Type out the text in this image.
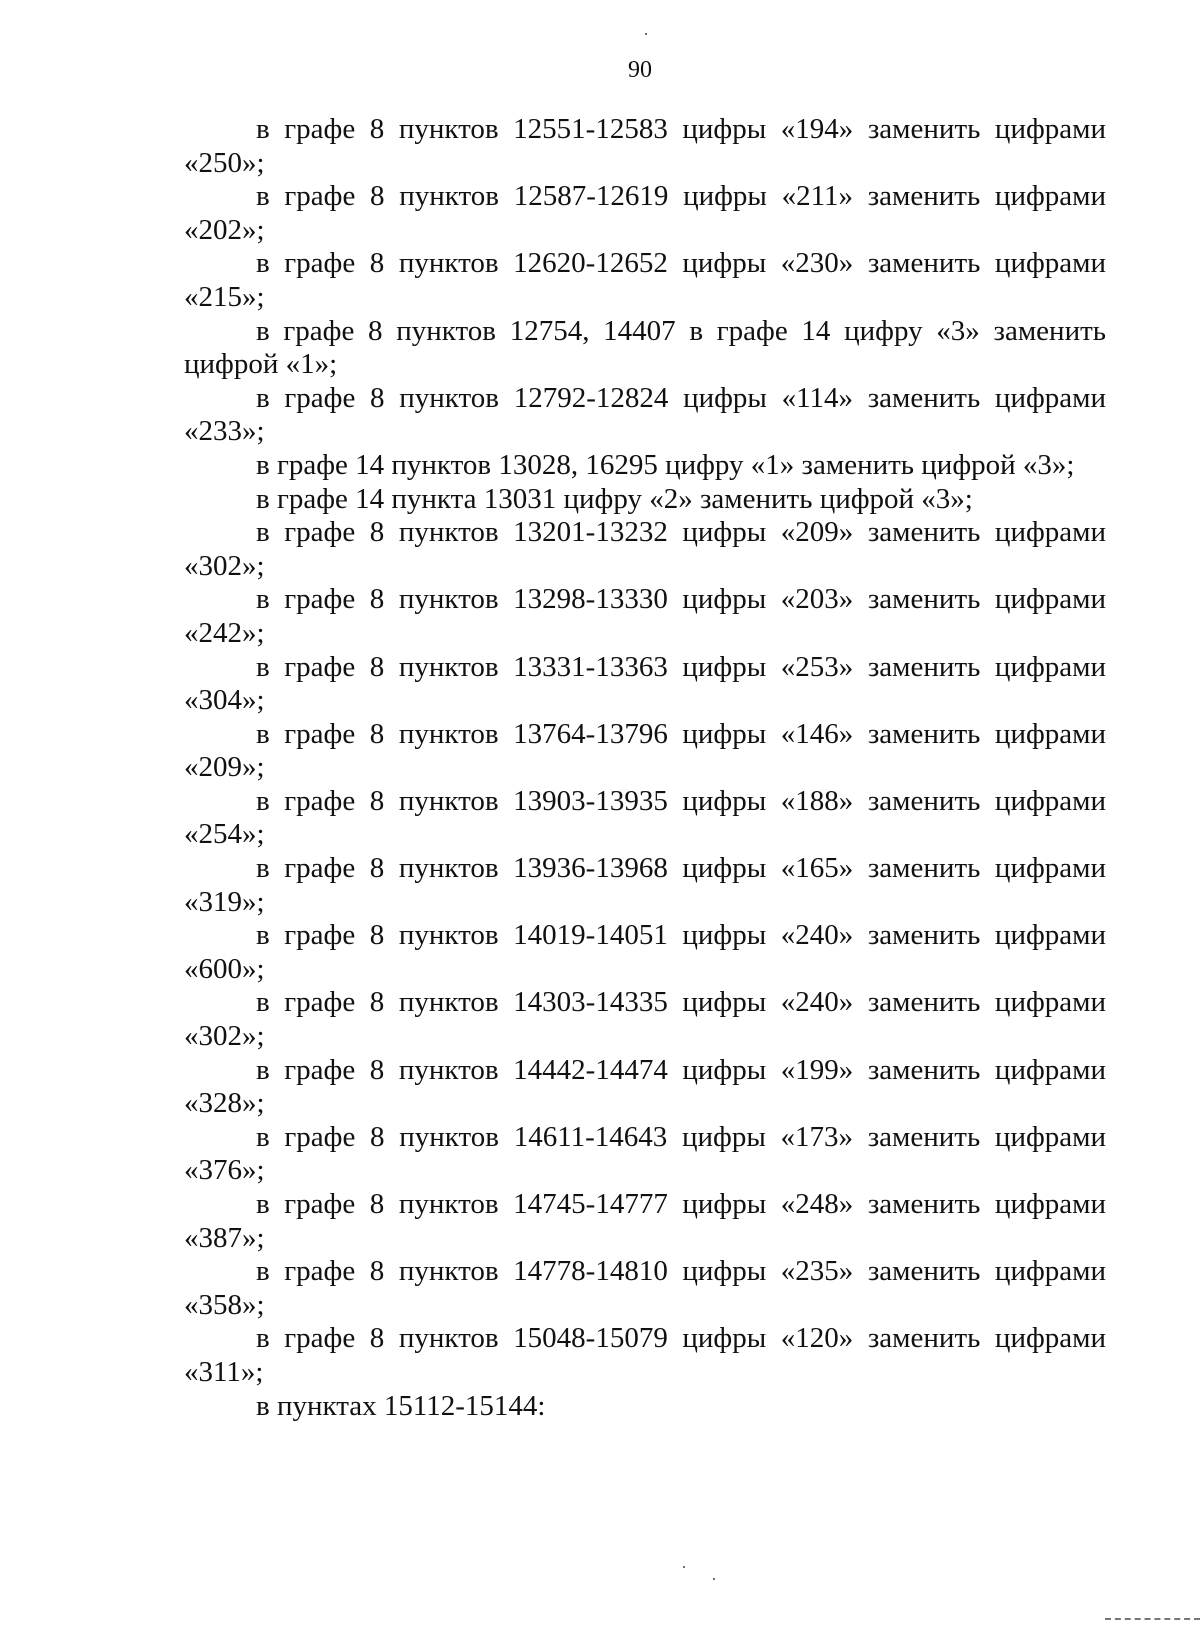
90

в графе 8 пунктов 12551-12583 цифры «194» заменить цифрами «250»;

в графе 8 пунктов 12587-12619 цифры «211» заменить цифрами «202»;

в графе 8 пунктов 12620-12652 цифры «230» заменить цифрами «215»;

в графе 8 пунктов 12754, 14407 в графе 14 цифру «3» заменить цифрой «1»;

в графе 8 пунктов 12792-12824 цифры «114» заменить цифрами «233»;

в графе 14 пунктов 13028, 16295 цифру «1» заменить цифрой «3»;

в графе 14 пункта 13031 цифру «2» заменить цифрой «3»;

в графе 8 пунктов 13201-13232 цифры «209» заменить цифрами «302»;

в графе 8 пунктов 13298-13330 цифры «203» заменить цифрами «242»;

в графе 8 пунктов 13331-13363 цифры «253» заменить цифрами «304»;

в графе 8 пунктов 13764-13796 цифры «146» заменить цифрами «209»;

в графе 8 пунктов 13903-13935 цифры «188» заменить цифрами «254»;

в графе 8 пунктов 13936-13968 цифры «165» заменить цифрами «319»;

в графе 8 пунктов 14019-14051 цифры «240» заменить цифрами «600»;

в графе 8 пунктов 14303-14335 цифры «240» заменить цифрами «302»;

в графе 8 пунктов 14442-14474 цифры «199» заменить цифрами «328»;

в графе 8 пунктов 14611-14643 цифры «173» заменить цифрами «376»;

в графе 8 пунктов 14745-14777 цифры «248» заменить цифрами «387»;

в графе 8 пунктов 14778-14810 цифры «235» заменить цифрами «358»;

в графе 8 пунктов 15048-15079 цифры «120» заменить цифрами «311»;

в пунктах 15112-15144:
